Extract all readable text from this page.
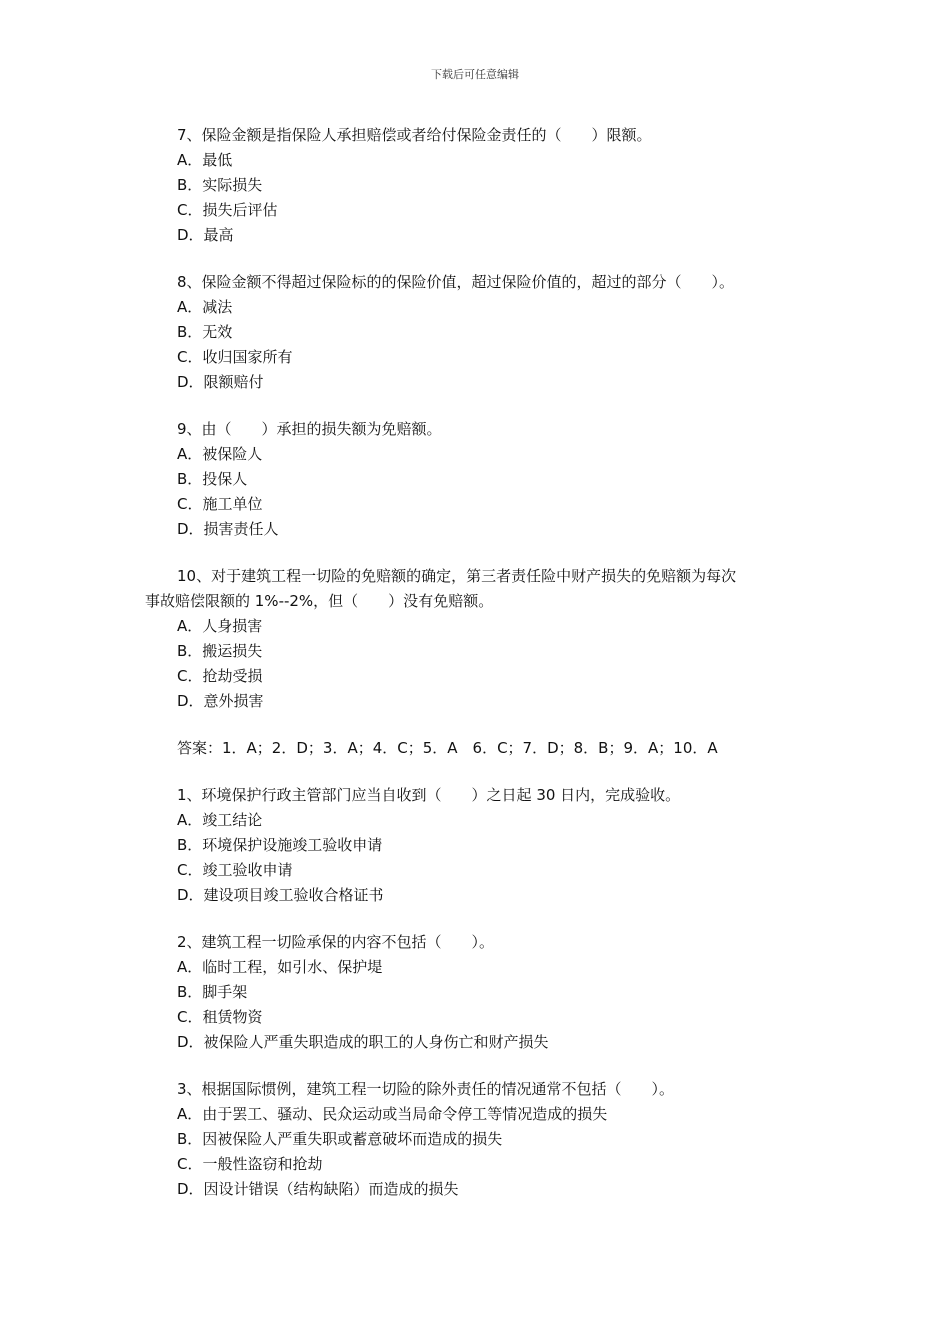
下载后可任意编辑
7、保险金额是指保险人承担赔偿或者给付保险金责任的（　　）限额。
A．最低
B．实际损失
C．损失后评估
D．最高
8、保险金额不得超过保险标的的保险价值，超过保险价值的，超过的部分（　　）。
A．减法
B．无效
C．收归国家所有
D．限额赔付
9、由（　　）承担的损失额为免赔额。
A．被保险人
B．投保人
C．施工单位
D．损害责任人
10、对于建筑工程一切险的免赔额的确定，第三者责任险中财产损失的免赔额为每次
事故赔偿限额的 1%--2%，但（　　）没有免赔额。
A．人身损害
B．搬运损失
C．抢劫受损
D．意外损害
答案：1．A；2．D；3．A；4．C；5．A　6．C；7．D；8．B；9．A；10．A
1、环境保护行政主管部门应当自收到（　　）之日起 30 日内，完成验收。
A．竣工结论
B．环境保护设施竣工验收申请
C．竣工验收申请
D．建设项目竣工验收合格证书
2、建筑工程一切险承保的内容不包括（　　）。
A．临时工程，如引水、保护堤
B．脚手架
C．租赁物资
D．被保险人严重失职造成的职工的人身伤亡和财产损失
3、根据国际惯例，建筑工程一切险的除外责任的情况通常不包括（　　）。
A．由于罢工、骚动、民众运动或当局命令停工等情况造成的损失
B．因被保险人严重失职或蓄意破坏而造成的损失
C．一般性盗窃和抢劫
D．因设计错误（结构缺陷）而造成的损失
